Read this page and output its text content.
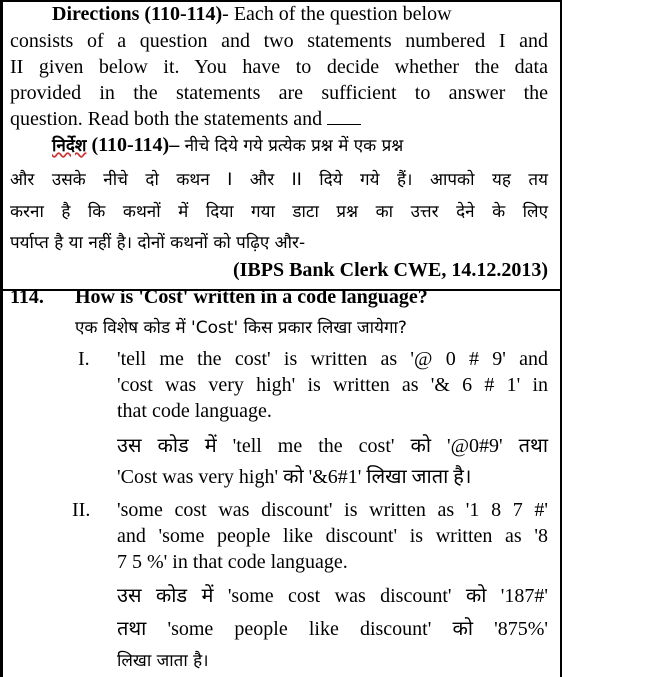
Directions (110-114)- Each of the question below
consists of a question and two statements numbered I and
II given below it. You have to decide whether the data
provided in the statements are sufficient to answer the
question. Read both the statements and
निर्देश (110-114)– नीचे दिये गये प्रत्येक प्रश्न में एक प्रश्न
और उसके नीचे दो कथन I और II दिये गये हैं। आपको यह तय
करना है कि कथनों में दिया गया डाटा प्रश्न का उत्तर देने के लिए
पर्याप्त है या नहीं है। दोनों कथनों को पढ़िए और-
(IBPS Bank Clerk CWE, 14.12.2013)
114. How is 'Cost' written in a code language?
एक विशेष कोड में 'Cost' किस प्रकार लिखा जायेगा?
I. 'tell me the cost' is written as '@ 0 # 9' and
'cost was very high' is written as '& 6 # 1' in
that code language.
उस कोड में 'tell me the cost' को '@0#9' तथा
'Cost was very high' को '&6#1' लिखा जाता है।
II. 'some cost was discount' is written as '1 8 7 #'
and 'some people like discount' is written as '8
7 5 %' in that code language.
उस कोड में 'some cost was discount' को '187#'
तथा 'some people like discount' को '875%'
लिखा जाता है।
